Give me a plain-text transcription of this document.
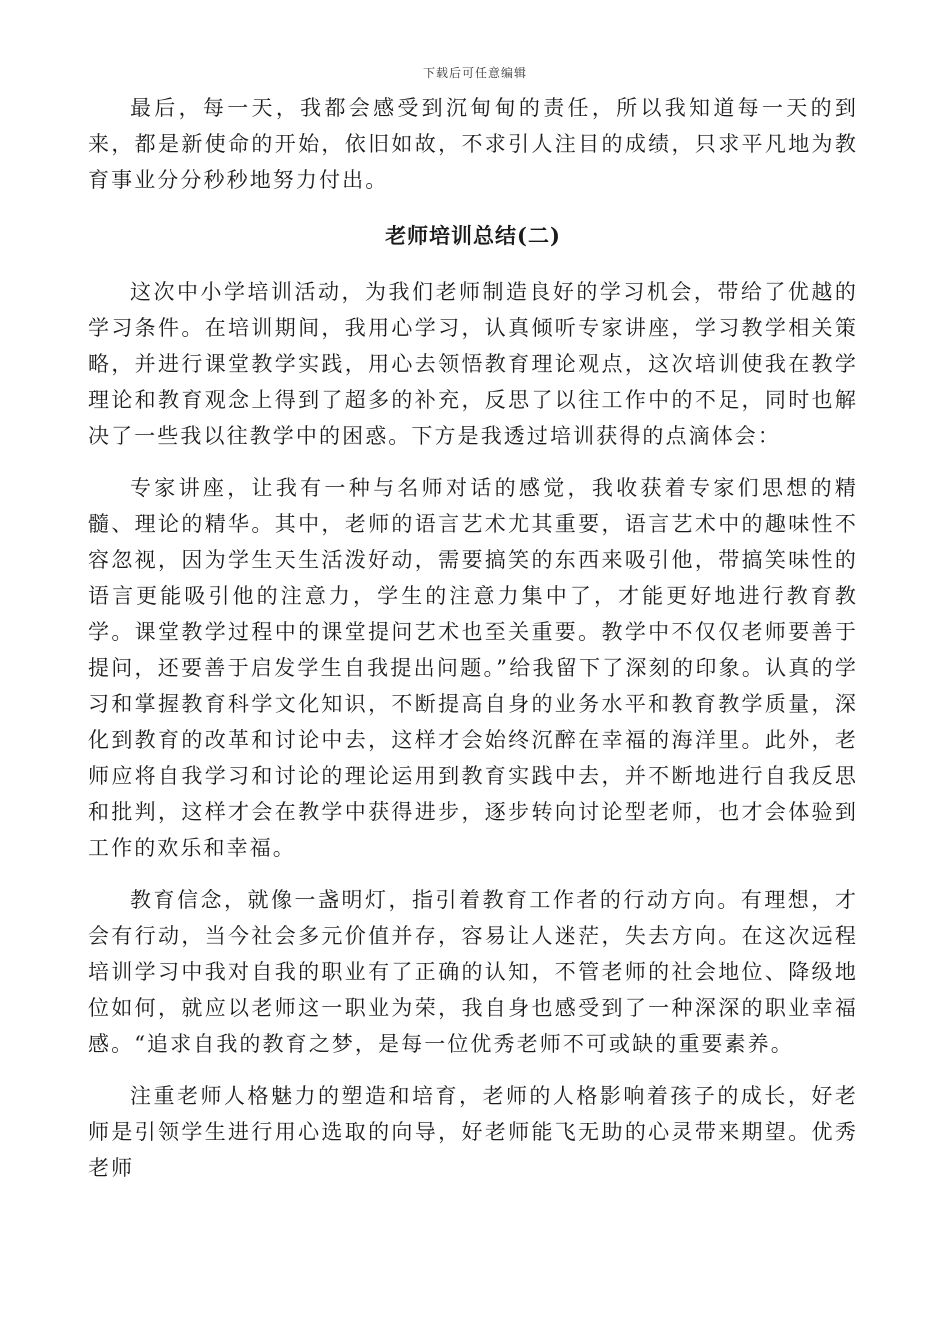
下载后可任意编辑

最后，每一天，我都会感受到沉甸甸的责任，所以我知道每一天的到来，都是新使命的开始，依旧如故，不求引人注目的成绩，只求平凡地为教育事业分分秒秒地努力付出。

老师培训总结(二)

这次中小学培训活动，为我们老师制造良好的学习机会，带给了优越的学习条件。在培训期间，我用心学习，认真倾听专家讲座，学习教学相关策略，并进行课堂教学实践，用心去领悟教育理论观点，这次培训使我在教学理论和教育观念上得到了超多的补充，反思了以往工作中的不足，同时也解决了一些我以往教学中的困惑。下方是我透过培训获得的点滴体会：

专家讲座，让我有一种与名师对话的感觉，我收获着专家们思想的精髓、理论的精华。其中，老师的语言艺术尤其重要，语言艺术中的趣味性不容忽视，因为学生天生活泼好动，需要搞笑的东西来吸引他，带搞笑味性的语言更能吸引他的注意力，学生的注意力集中了，才能更好地进行教育教学。课堂教学过程中的课堂提问艺术也至关重要。教学中不仅仅老师要善于提问，还要善于启发学生自我提出问题。”给我留下了深刻的印象。认真的学习和掌握教育科学文化知识，不断提高自身的业务水平和教育教学质量，深化到教育的改革和讨论中去，这样才会始终沉醉在幸福的海洋里。此外，老师应将自我学习和讨论的理论运用到教育实践中去，并不断地进行自我反思和批判，这样才会在教学中获得进步，逐步转向讨论型老师，也才会体验到工作的欢乐和幸福。

教育信念，就像一盏明灯，指引着教育工作者的行动方向。有理想，才会有行动，当今社会多元价值并存，容易让人迷茫，失去方向。在这次远程培训学习中我对自我的职业有了正确的认知，不管老师的社会地位、降级地位如何，就应以老师这一职业为荣，我自身也感受到了一种深深的职业幸福感。“追求自我的教育之梦，是每一位优秀老师不可或缺的重要素养。

注重老师人格魅力的塑造和培育，老师的人格影响着孩子的成长，好老师是引领学生进行用心选取的向导，好老师能飞无助的心灵带来期望。优秀老师
